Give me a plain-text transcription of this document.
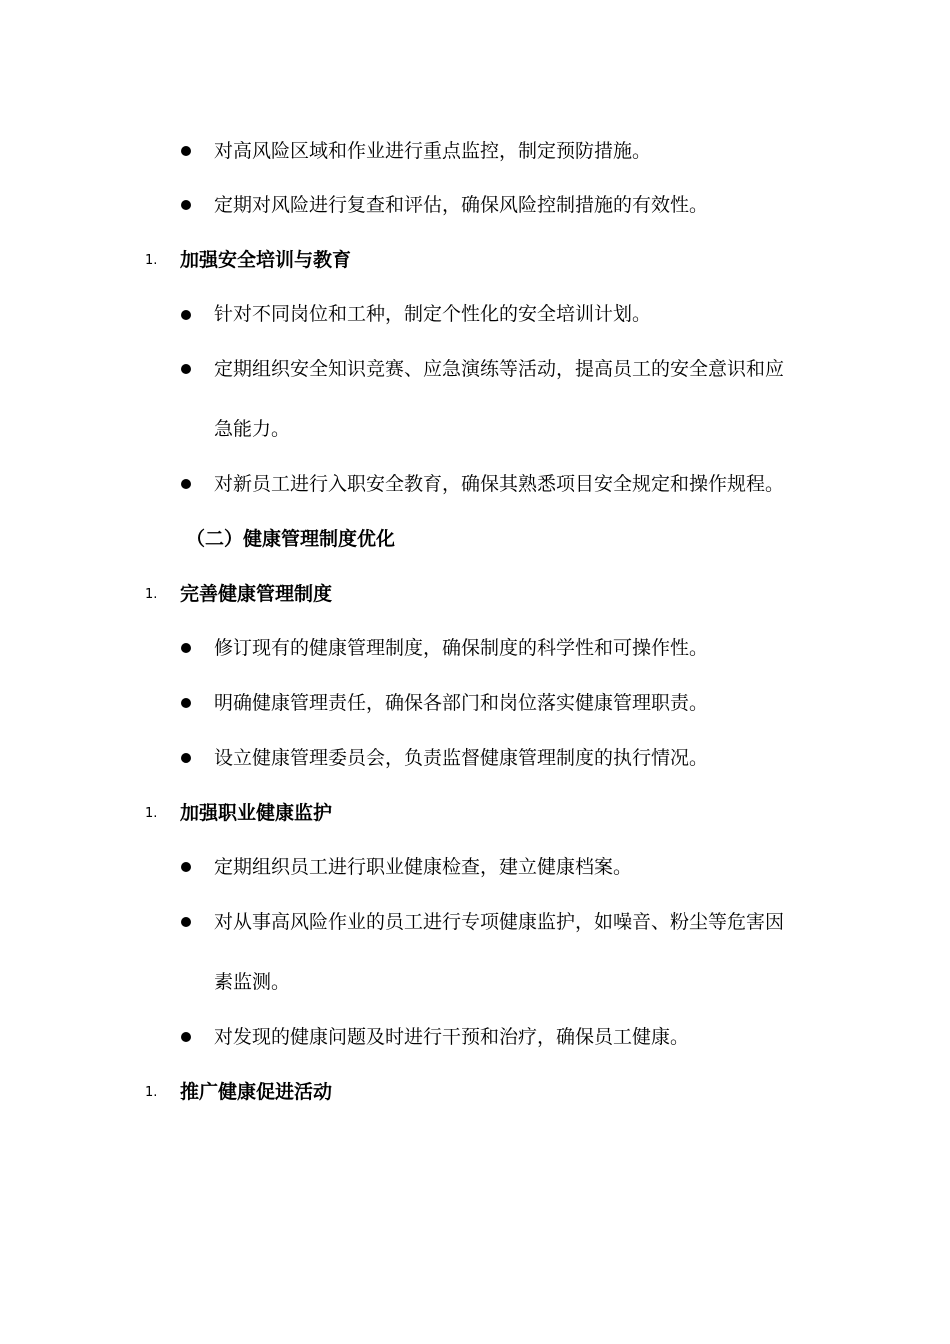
对高风险区域和作业进行重点监控，制定预防措施。
定期对风险进行复查和评估，确保风险控制措施的有效性。
1. 加强安全培训与教育
针对不同岗位和工种，制定个性化的安全培训计划。
定期组织安全知识竞赛、应急演练等活动，提高员工的安全意识和应
急能力。
对新员工进行入职安全教育，确保其熟悉项目安全规定和操作规程。
（二）健康管理制度优化
1. 完善健康管理制度
修订现有的健康管理制度，确保制度的科学性和可操作性。
明确健康管理责任，确保各部门和岗位落实健康管理职责。
设立健康管理委员会，负责监督健康管理制度的执行情况。
1. 加强职业健康监护
定期组织员工进行职业健康检查，建立健康档案。
对从事高风险作业的员工进行专项健康监护，如噪音、粉尘等危害因
素监测。
对发现的健康问题及时进行干预和治疗，确保员工健康。
1. 推广健康促进活动
